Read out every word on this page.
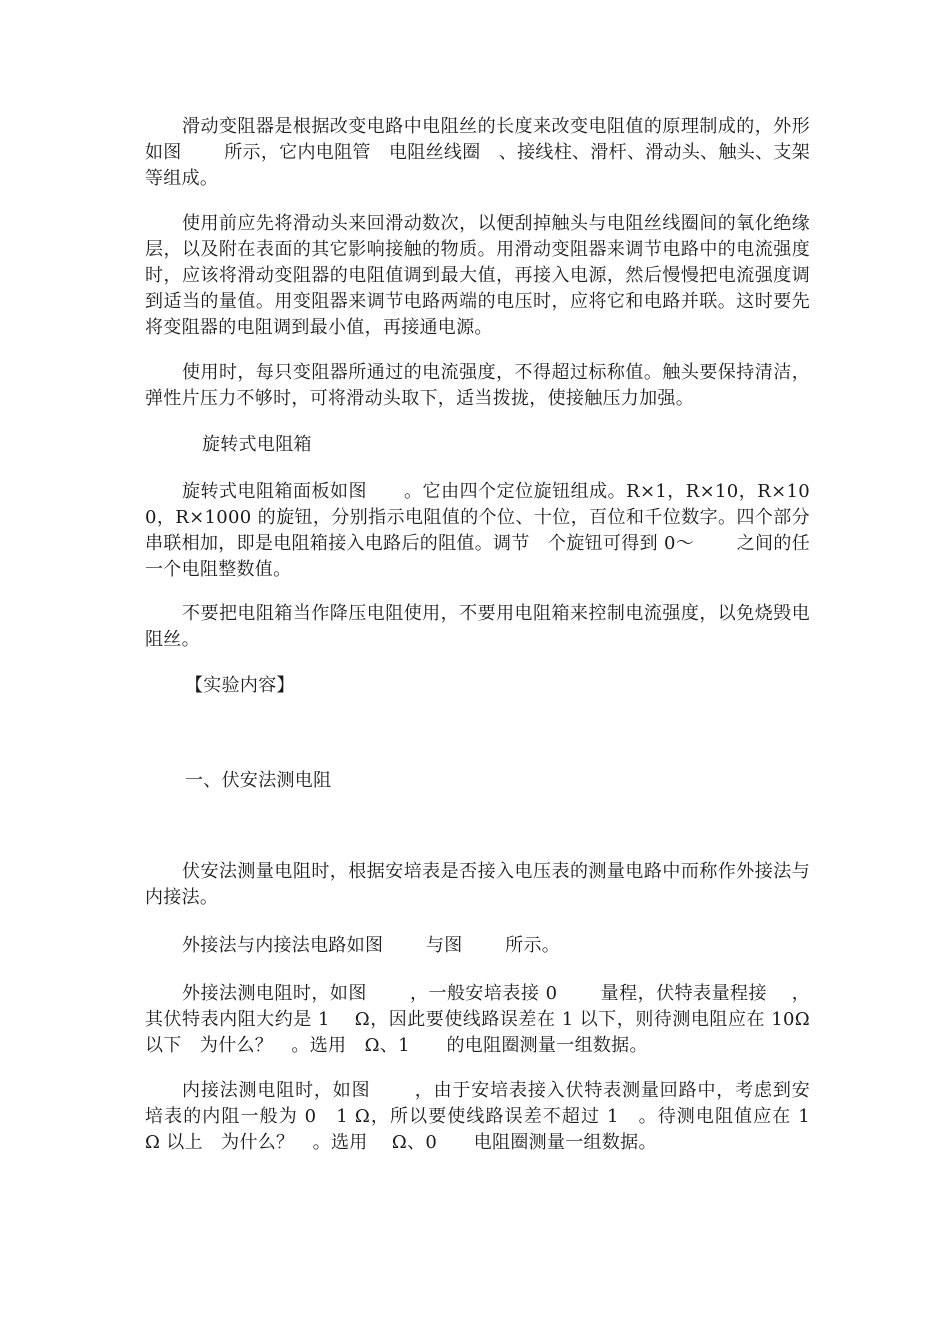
滑动变阻器是根据改变电路中电阻丝的长度来改变电阻值的原理制成的，外形如图　　 所示，它内电阻管　电阻丝线圈　、接线柱、滑杆、滑动头、触头、支架等组成。

使用前应先将滑动头来回滑动数次，以便刮掉触头与电阻丝线圈间的氧化绝缘层，以及附在表面的其它影响接触的物质。用滑动变阻器来调节电路中的电流强度时，应该将滑动变阻器的电阻值调到最大值，再接入电源，然后慢慢把电流强度调到适当的量值。用变阻器来调节电路两端的电压时，应将它和电路并联。这时要先将变阻器的电阻调到最小值，再接通电源。

使用时，每只变阻器所通过的电流强度，不得超过标称值。触头要保持清洁，弹性片压力不够时，可将滑动头取下，适当拨拢，使接触压力加强。

旋转式电阻箱

旋转式电阻箱面板如图　　。它由四个定位旋钮组成。R×1，R×10，R×100，R×1000 的旋钮，分别指示电阻值的个位、十位，百位和千位数字。四个部分串联相加，即是电阻箱接入电路后的阻值。调节　个旋钮可得到 0～　　 之间的任一个电阻整数值。

不要把电阻箱当作降压电阻使用，不要用电阻箱来控制电流强度，以免烧毁电阻丝。

【实验内容】
一、伏安法测电阻

伏安法测量电阻时，根据安培表是否接入电压表的测量电路中而称作外接法与内接法。

外接法与内接法电路如图　　 与图　　 所示。

外接法测电阻时，如图　　 ，一般安培表接 0　　 量程，伏特表量程接　 ，其伏特表内阻大约是 1　 Ω，因此要使线路误差在 1 以下，则待测电阻应在 10Ω 以下　为什么？　。选用　Ω、1　　的电阻圈测量一组数据。

内接法测电阻时，如图　　 ，由于安培表接入伏特表测量回路中，考虑到安培表的内阻一般为 0　1 Ω，所以要使线路误差不超过 1　。待测电阻值应在 1　 Ω 以上　为什么？　。选用　 Ω、0　　电阻圈测量一组数据。
